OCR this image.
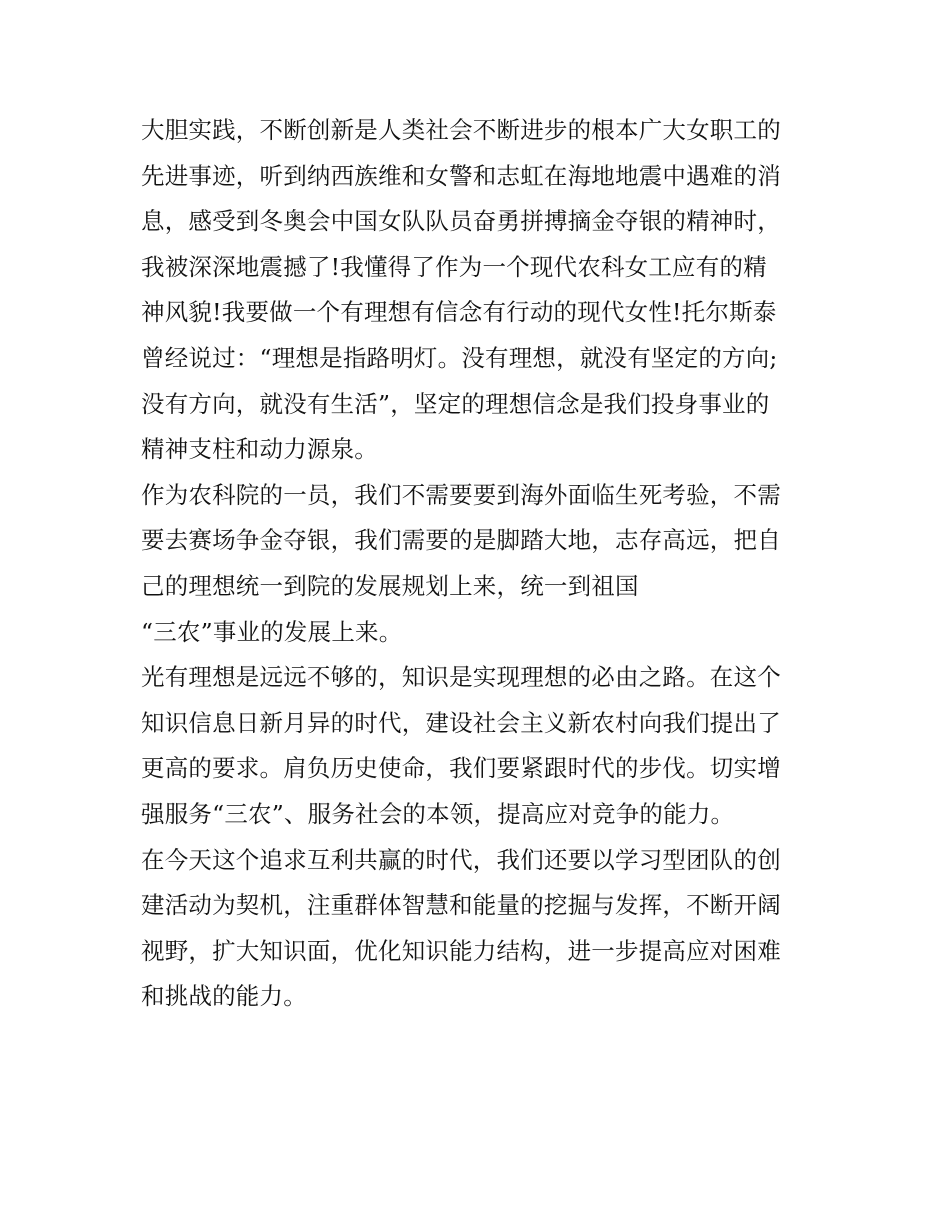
大胆实践，不断创新是人类社会不断进步的根本广大女职工的
先进事迹，听到纳西族维和女警和志虹在海地地震中遇难的消
息，感受到冬奥会中国女队队员奋勇拼搏摘金夺银的精神时，
我被深深地震撼了!我懂得了作为一个现代农科女工应有的精
神风貌!我要做一个有理想有信念有行动的现代女性!托尔斯泰
曾经说过：“理想是指路明灯。没有理想，就没有坚定的方向;
没有方向，就没有生活”，坚定的理想信念是我们投身事业的
精神支柱和动力源泉。
作为农科院的一员，我们不需要要到海外面临生死考验，不需
要去赛场争金夺银，我们需要的是脚踏大地，志存高远，把自
己的理想统一到院的发展规划上来，统一到祖国
“三农”事业的发展上来。
光有理想是远远不够的，知识是实现理想的必由之路。在这个
知识信息日新月异的时代，建设社会主义新农村向我们提出了
更高的要求。肩负历史使命，我们要紧跟时代的步伐。切实增
强服务“三农”、服务社会的本领，提高应对竞争的能力。
在今天这个追求互利共赢的时代，我们还要以学习型团队的创
建活动为契机，注重群体智慧和能量的挖掘与发挥，不断开阔
视野，扩大知识面，优化知识能力结构，进一步提高应对困难
和挑战的能力。
